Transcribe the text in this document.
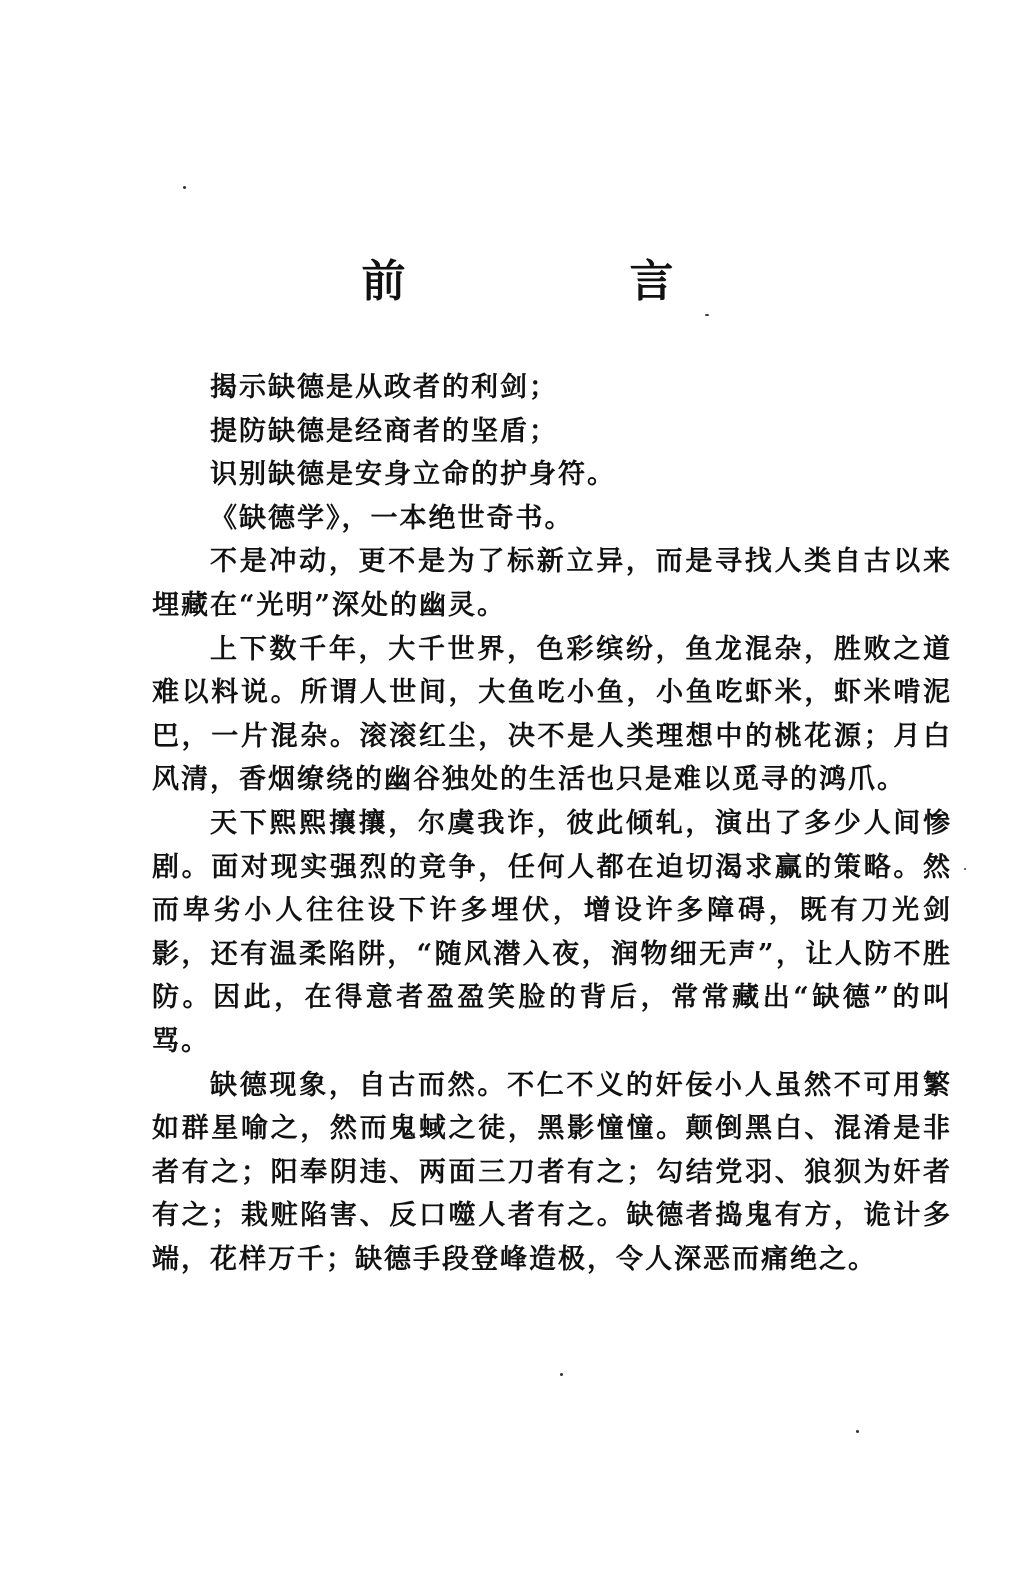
前　言

揭示缺德是从政者的利剑；

提防缺德是经商者的坚盾；

识别缺德是安身立命的护身符。

《缺德学》，一本绝世奇书。

不是冲动，更不是为了标新立异，而是寻找人类自古以来埋藏在“光明”深处的幽灵。

上下数千年，大千世界，色彩缤纷，鱼龙混杂，胜败之道难以料说。所谓人世间，大鱼吃小鱼，小鱼吃虾米，虾米啃泥巴，一片混杂。滚滚红尘，决不是人类理想中的桃花源；月白风清，香烟缭绕的幽谷独处的生活也只是难以觅寻的鸿爪。

天下熙熙攘攘，尔虞我诈，彼此倾轧，演出了多少人间惨剧。面对现实强烈的竞争，任何人都在迫切渴求赢的策略。然而卑劣小人往往设下许多埋伏，增设许多障碍，既有刀光剑影，还有温柔陷阱，“随风潜入夜，润物细无声”，让人防不胜防。因此，在得意者盈盈笑脸的背后，常常藏出“缺德”的叫骂。

缺德现象，自古而然。不仁不义的奸佞小人虽然不可用繁如群星喻之，然而鬼蜮之徒，黑影憧憧。颠倒黑白、混淆是非者有之；阳奉阴违、两面三刀者有之；勾结党羽、狼狈为奸者有之；栽赃陷害、反口噬人者有之。缺德者捣鬼有方，诡计多端，花样万千；缺德手段登峰造极，令人深恶而痛绝之。
